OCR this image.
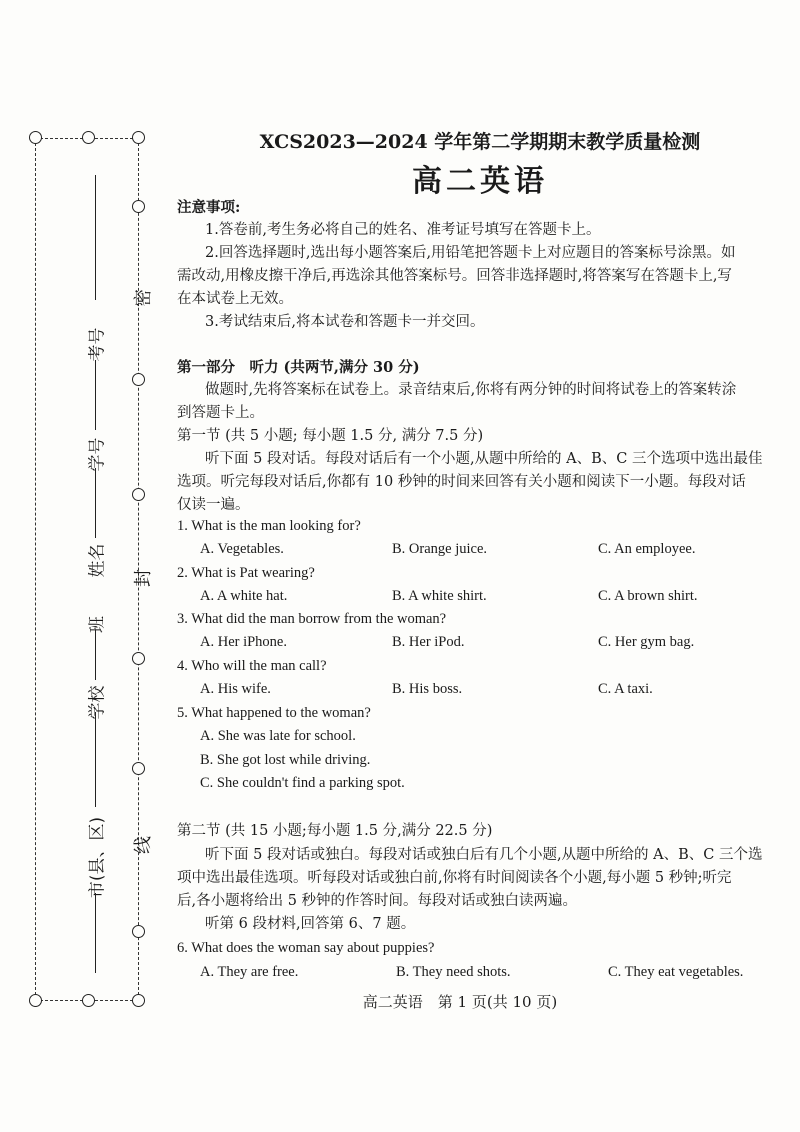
密
封
线
考号
学号
姓名
班
学校
市(县、区)
XCS2023—2024 学年第二学期期末教学质量检测
高二英语
注意事项:
1.答卷前,考生务必将自己的姓名、准考证号填写在答题卡上。
2.回答选择题时,选出每小题答案后,用铅笔把答题卡上对应题目的答案标号涂黑。如
需改动,用橡皮擦干净后,再选涂其他答案标号。回答非选择题时,将答案写在答题卡上,写
在本试卷上无效。
3.考试结束后,将本试卷和答题卡一并交回。
第一部分　听力 (共两节,满分 30 分)
做题时,先将答案标在试卷上。录音结束后,你将有两分钟的时间将试卷上的答案转涂
到答题卡上。
第一节 (共 5 小题; 每小题 1.5 分, 满分 7.5 分)
听下面 5 段对话。每段对话后有一个小题,从题中所给的 A、B、C 三个选项中选出最佳
选项。听完每段对话后,你都有 10 秒钟的时间来回答有关小题和阅读下一小题。每段对话
仅读一遍。
1. What is the man looking for?
A. Vegetables.	B. Orange juice.	C. An employee.
2. What is Pat wearing?
A. A white hat.	B. A white shirt.	C. A brown shirt.
3. What did the man borrow from the woman?
A. Her iPhone.	B. Her iPod.	C. Her gym bag.
4. Who will the man call?
A. His wife.	B. His boss.	C. A taxi.
5. What happened to the woman?
A. She was late for school.
B. She got lost while driving.
C. She couldn't find a parking spot.
第二节 (共 15 小题;每小题 1.5 分,满分 22.5 分)
听下面 5 段对话或独白。每段对话或独白后有几个小题,从题中所给的 A、B、C 三个选
项中选出最佳选项。听每段对话或独白前,你将有时间阅读各个小题,每小题 5 秒钟;听完
后,各小题将给出 5 秒钟的作答时间。每段对话或独白读两遍。
听第 6 段材料,回答第 6、7 题。
6. What does the woman say about puppies?
A. They are free.	B. They need shots.	C. They eat vegetables.
高二英语　第 1 页(共 10 页)
